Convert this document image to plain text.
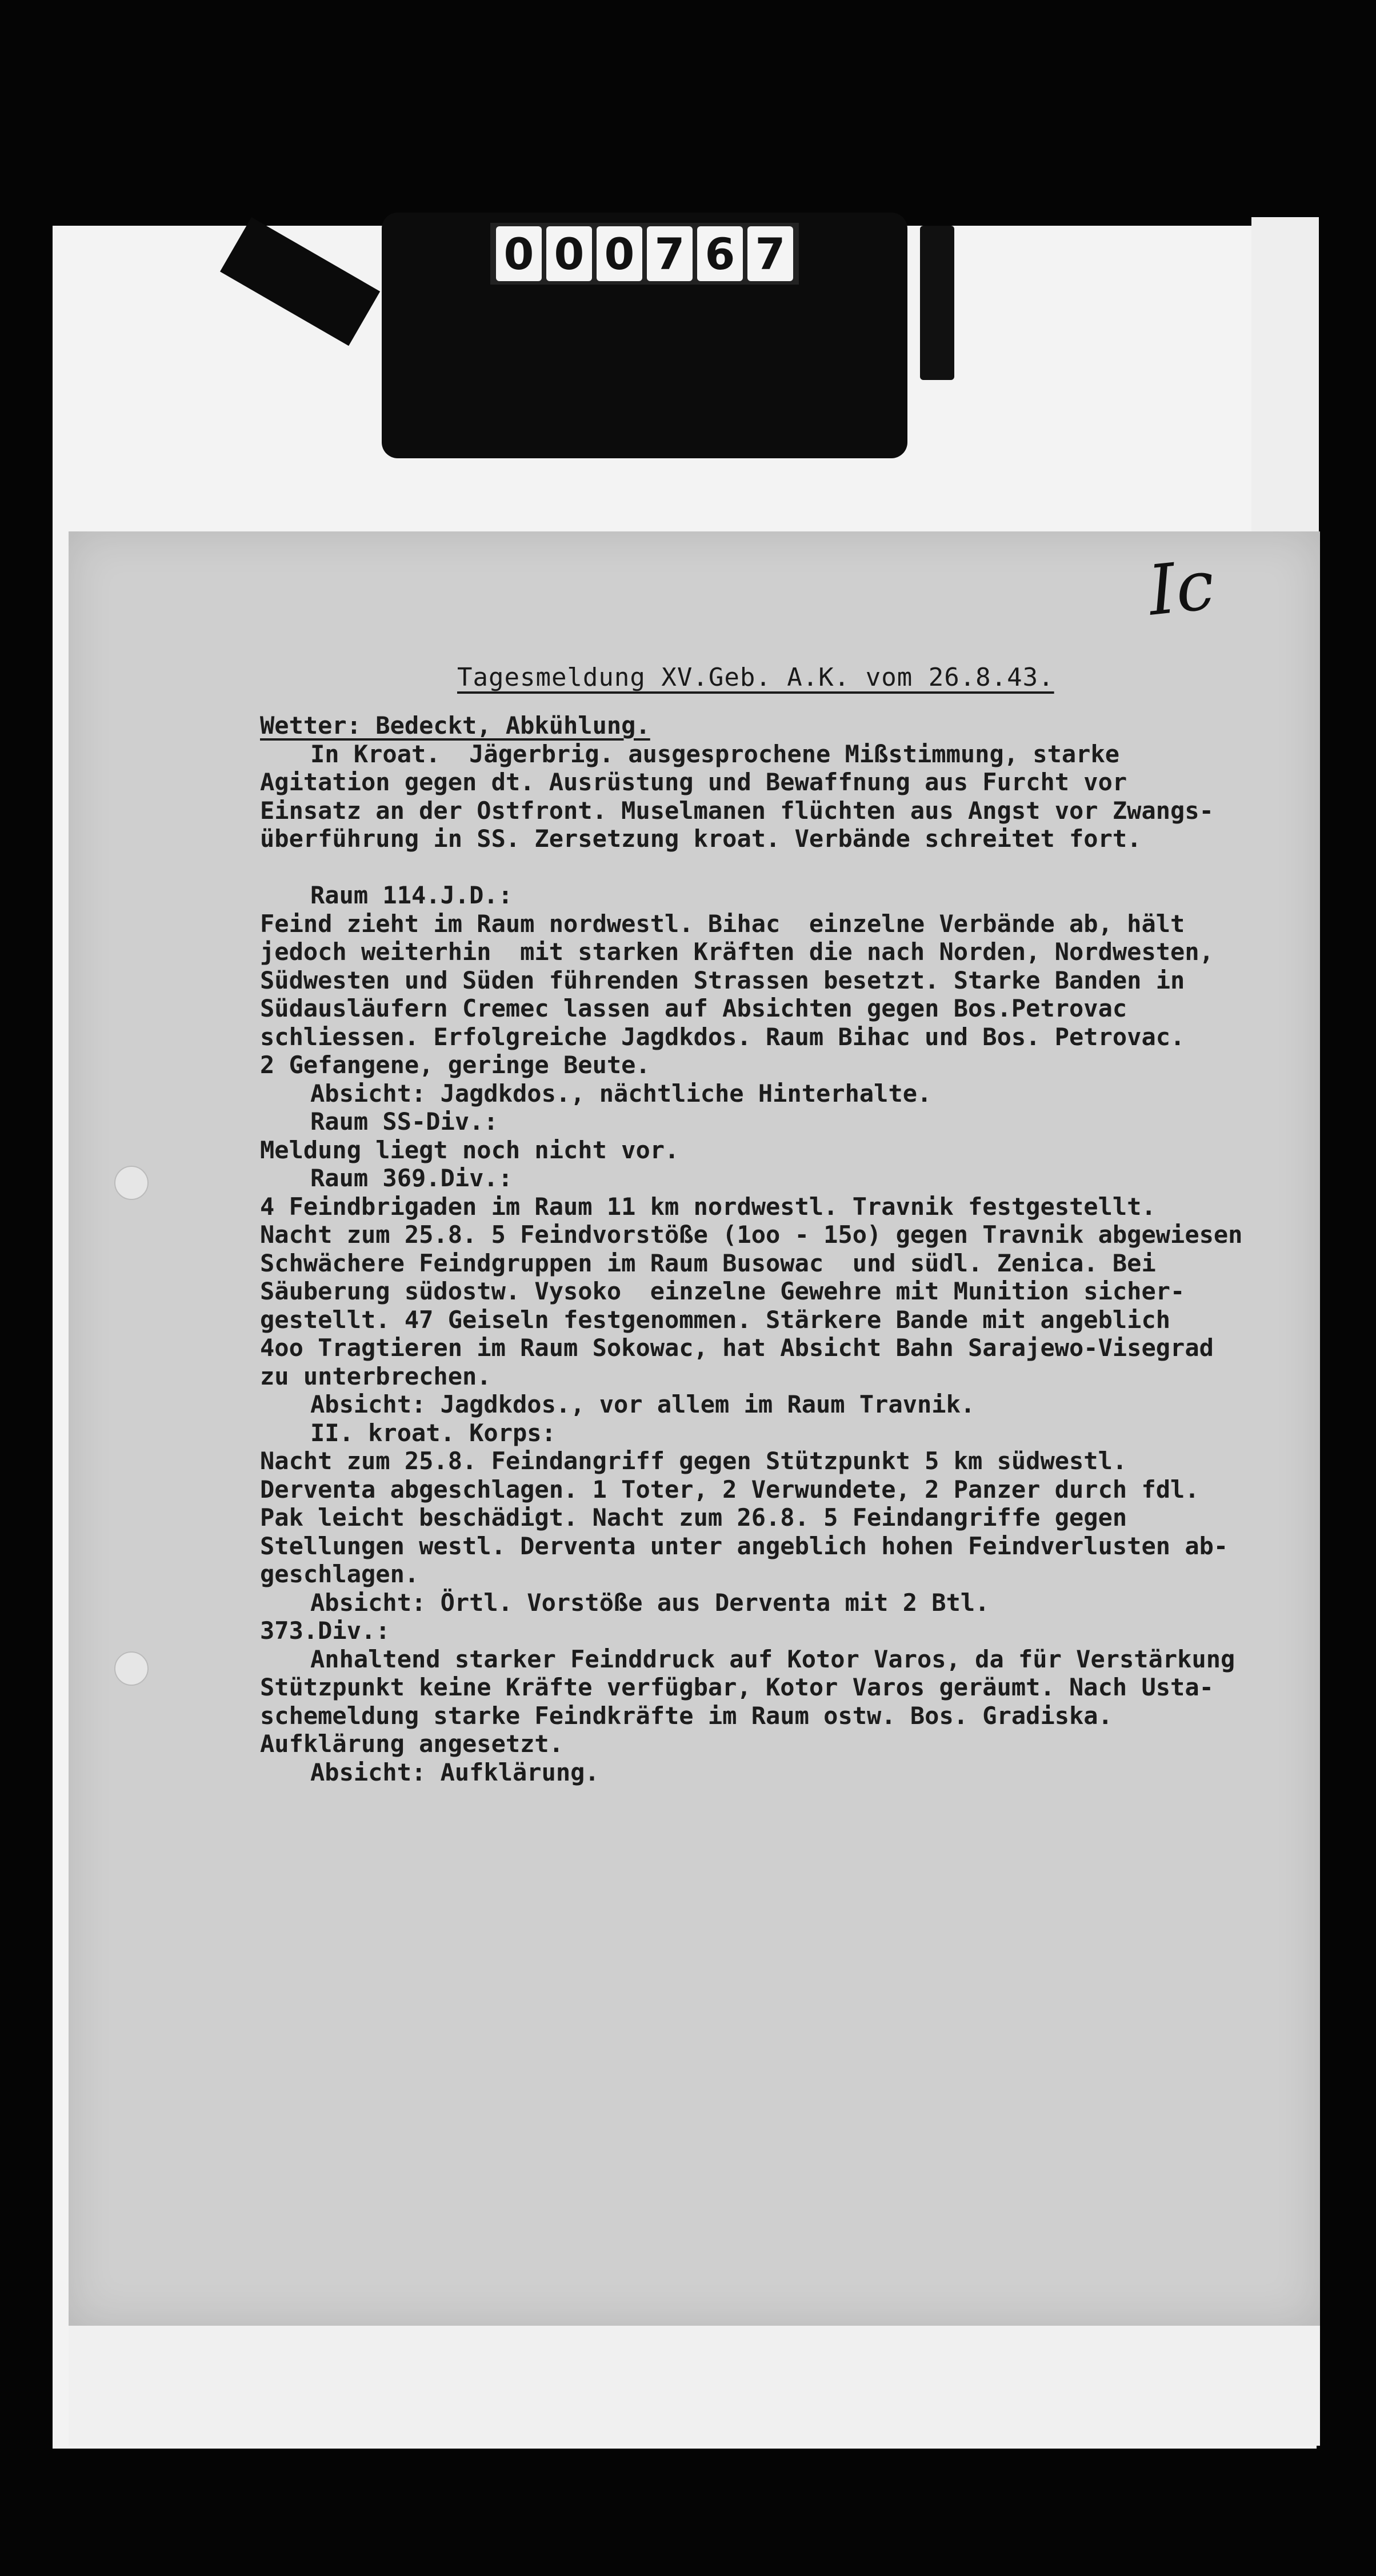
0 0 0 7 6 7
Ic
Tagesmeldung XV.Geb. A.K. vom 26.8.43.
Wetter: Bedeckt, Abkühlung.
In Kroat.  Jägerbrig. ausgesprochene Mißstimmung, starke
Agitation gegen dt. Ausrüstung und Bewaffnung aus Furcht vor
Einsatz an der Ostfront. Muselmanen flüchten aus Angst vor Zwangs-
überführung in SS. Zersetzung kroat. Verbände schreitet fort.
Raum 114.J.D.:
Feind zieht im Raum nordwestl. Bihac  einzelne Verbände ab, hält
jedoch weiterhin  mit starken Kräften die nach Norden, Nordwesten,
Südwesten und Süden führenden Strassen besetzt. Starke Banden in
Südausläufern Cremec lassen auf Absichten gegen Bos.Petrovac
schliessen. Erfolgreiche Jagdkdos. Raum Bihac und Bos. Petrovac.
2 Gefangene, geringe Beute.
Absicht: Jagdkdos., nächtliche Hinterhalte.
Raum SS-Div.:
Meldung liegt noch nicht vor.
Raum 369.Div.:
4 Feindbrigaden im Raum 11 km nordwestl. Travnik festgestellt.
Nacht zum 25.8. 5 Feindvorstöße (1oo - 15o) gegen Travnik abgewiesen
Schwächere Feindgruppen im Raum Busowac  und südl. Zenica. Bei
Säuberung südostw. Vysoko  einzelne Gewehre mit Munition sicher-
gestellt. 47 Geiseln festgenommen. Stärkere Bande mit angeblich
4oo Tragtieren im Raum Sokowac, hat Absicht Bahn Sarajewo-Visegrad
zu unterbrechen.
Absicht: Jagdkdos., vor allem im Raum Travnik.
II. kroat. Korps:
Nacht zum 25.8. Feindangriff gegen Stützpunkt 5 km südwestl.
Derventa abgeschlagen. 1 Toter, 2 Verwundete, 2 Panzer durch fdl.
Pak leicht beschädigt. Nacht zum 26.8. 5 Feindangriffe gegen
Stellungen westl. Derventa unter angeblich hohen Feindverlusten ab-
geschlagen.
Absicht: Örtl. Vorstöße aus Derventa mit 2 Btl.
373.Div.:
Anhaltend starker Feinddruck auf Kotor Varos, da für Verstärkung
Stützpunkt keine Kräfte verfügbar, Kotor Varos geräumt. Nach Usta-
schemeldung starke Feindkräfte im Raum ostw. Bos. Gradiska.
Aufklärung angesetzt.
Absicht: Aufklärung.
